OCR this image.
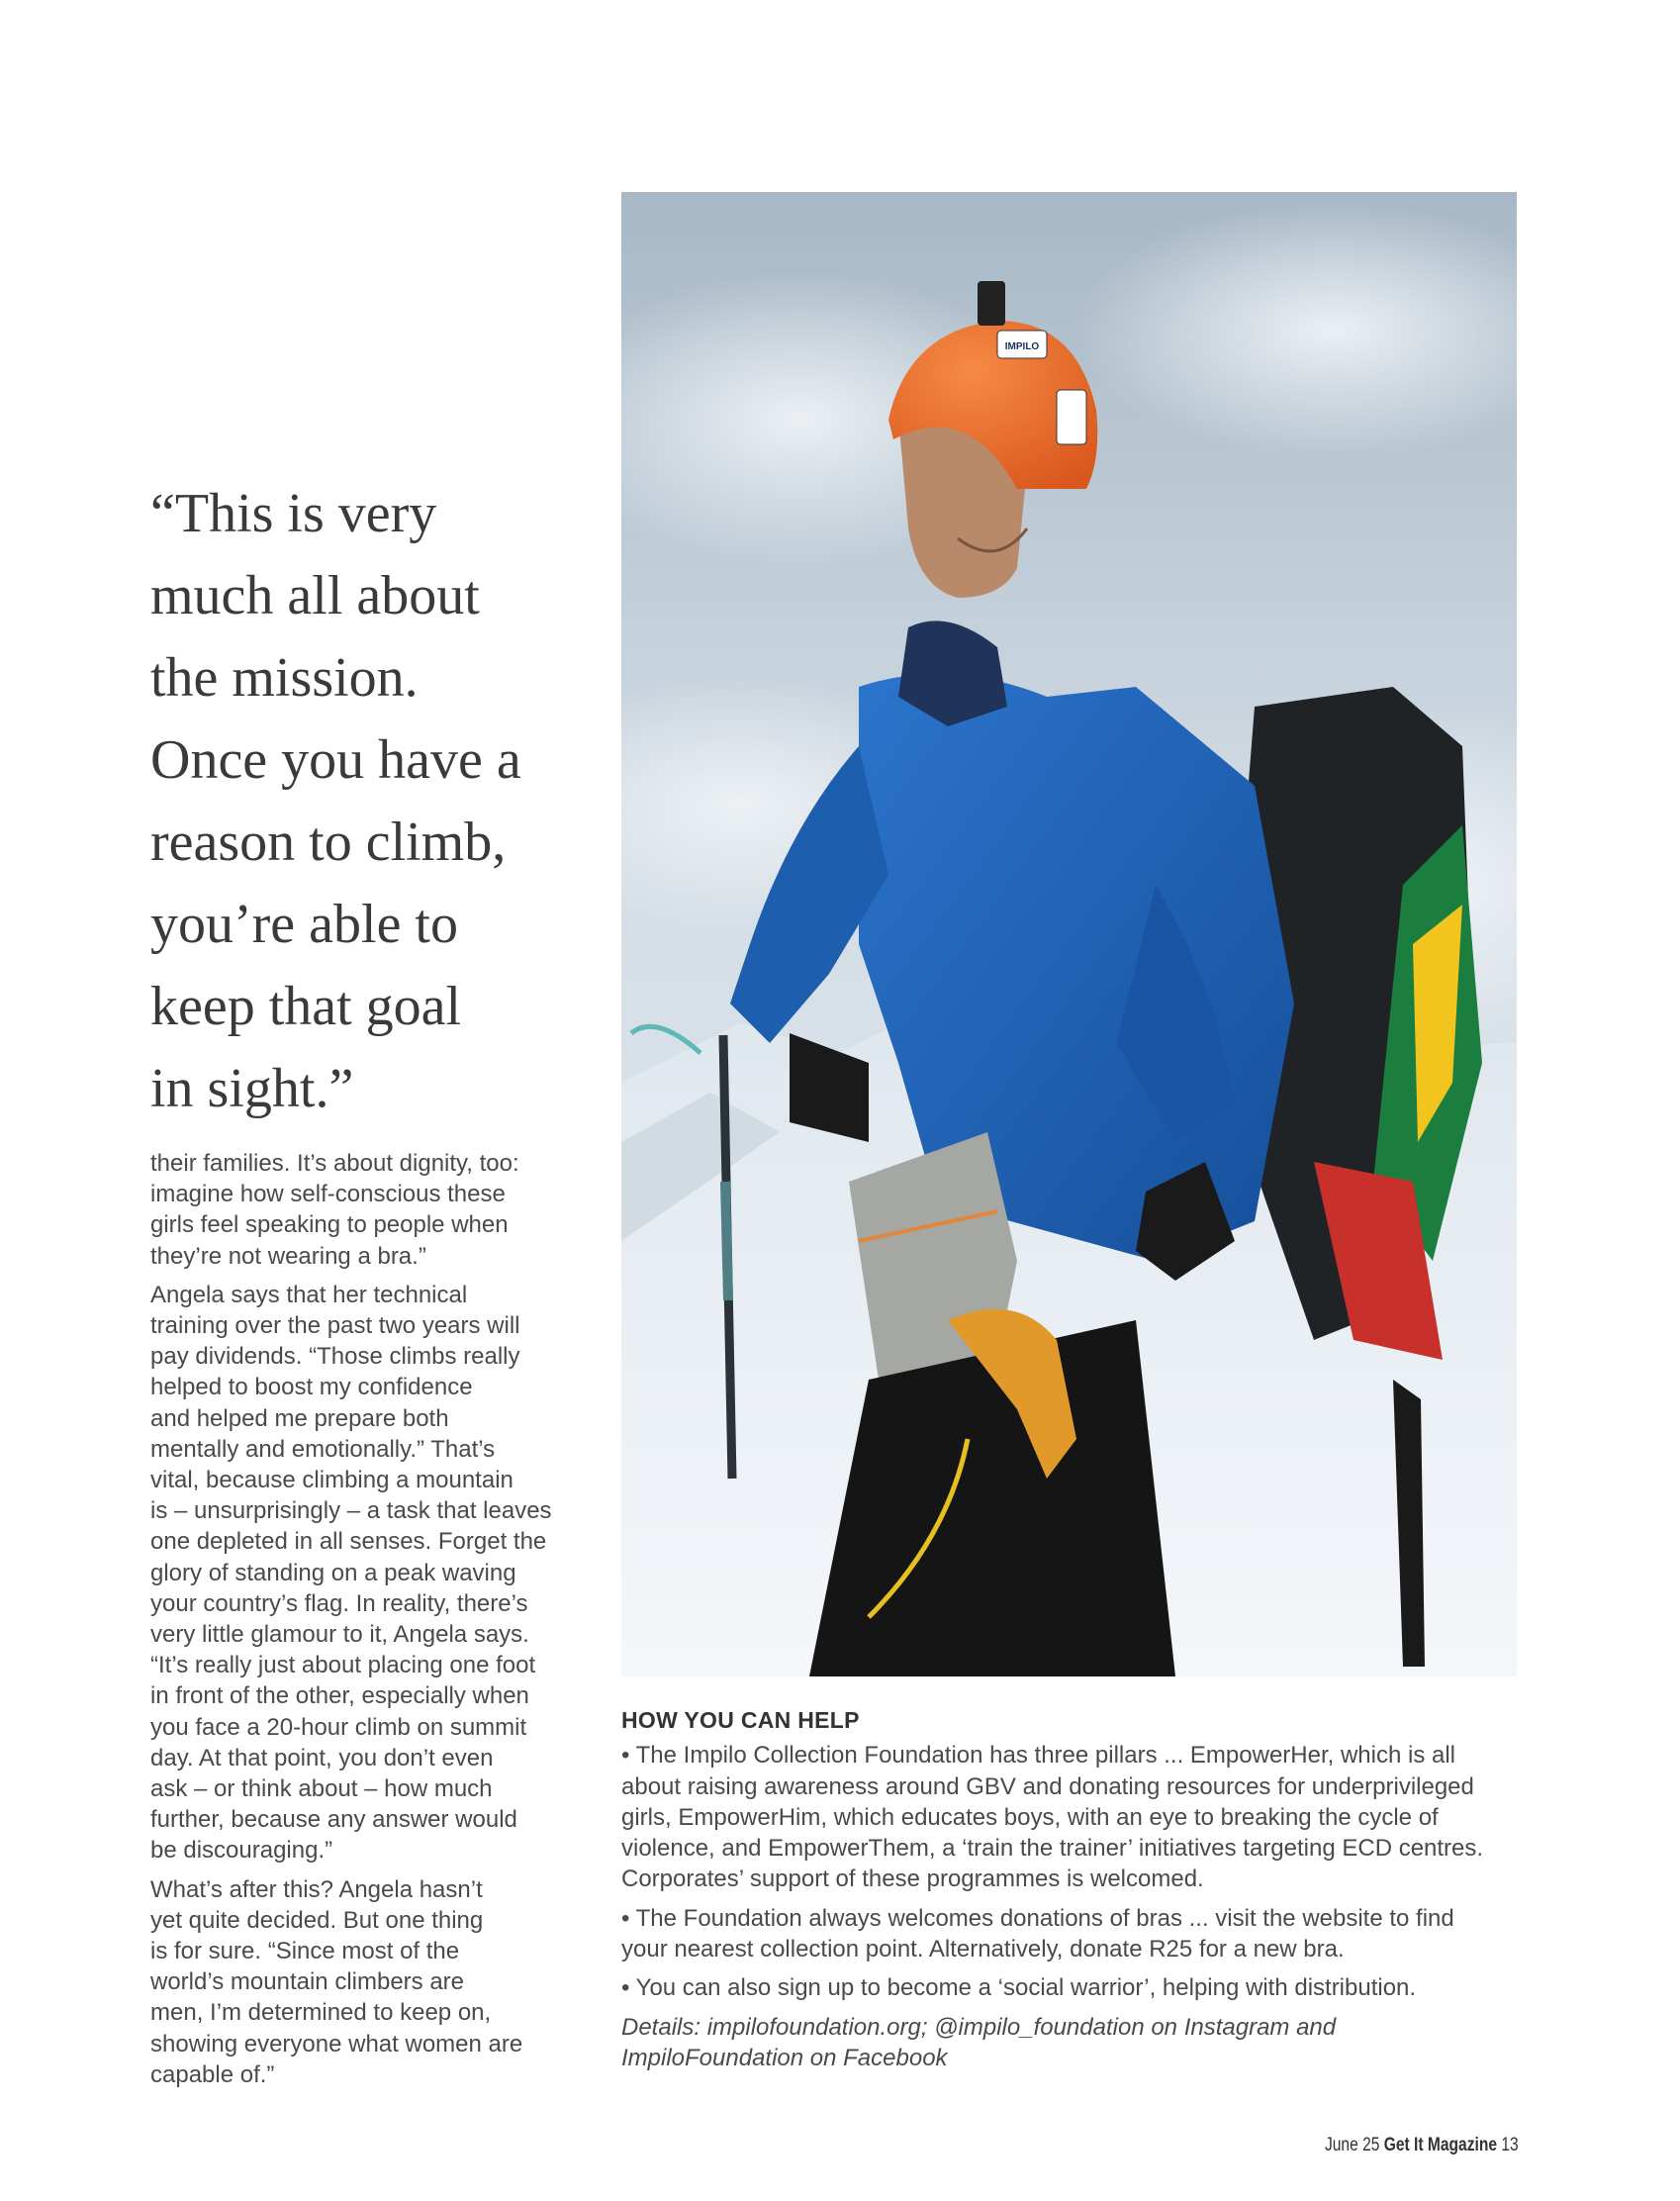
“This is very
much all about
the mission.
Once you have a
reason to climb,
you’re able to
keep that goal
in sight.”

their families. It’s about dignity, too:
imagine how self-conscious these
girls feel speaking to people when
they’re not wearing a bra.”

Angela says that her technical
training over the past two years will
pay dividends. “Those climbs really
helped to boost my confidence
and helped me prepare both
mentally and emotionally.” That’s
vital, because climbing a mountain
is – unsurprisingly – a task that leaves
one depleted in all senses. Forget the
glory of standing on a peak waving
your country’s flag. In reality, there’s
very little glamour to it, Angela says.
“It’s really just about placing one foot
in front of the other, especially when
you face a 20-hour climb on summit
day. At that point, you don’t even
ask – or think about – how much
further, because any answer would
be discouraging.”

What’s after this? Angela hasn’t
yet quite decided. But one thing
is for sure. “Since most of the
world’s mountain climbers are
men, I’m determined to keep on,
showing everyone what women are
capable of.”

IMPILO
HOW YOU CAN HELP

• The Impilo Collection Foundation has three pillars ... EmpowerHer, which is all
about raising awareness around GBV and donating resources for underprivileged
girls, EmpowerHim, which educates boys, with an eye to breaking the cycle of
violence, and EmpowerThem, a ‘train the trainer’ initiatives targeting ECD centres.
Corporates’ support of these programmes is welcomed.

• The Foundation always welcomes donations of bras ... visit the website to find
your nearest collection point. Alternatively, donate R25 for a new bra.

• You can also sign up to become a ‘social warrior’, helping with distribution.

Details: impilofoundation.org; @impilo_foundation on Instagram and
ImpiloFoundation on Facebook

June 25 Get It Magazine 13
